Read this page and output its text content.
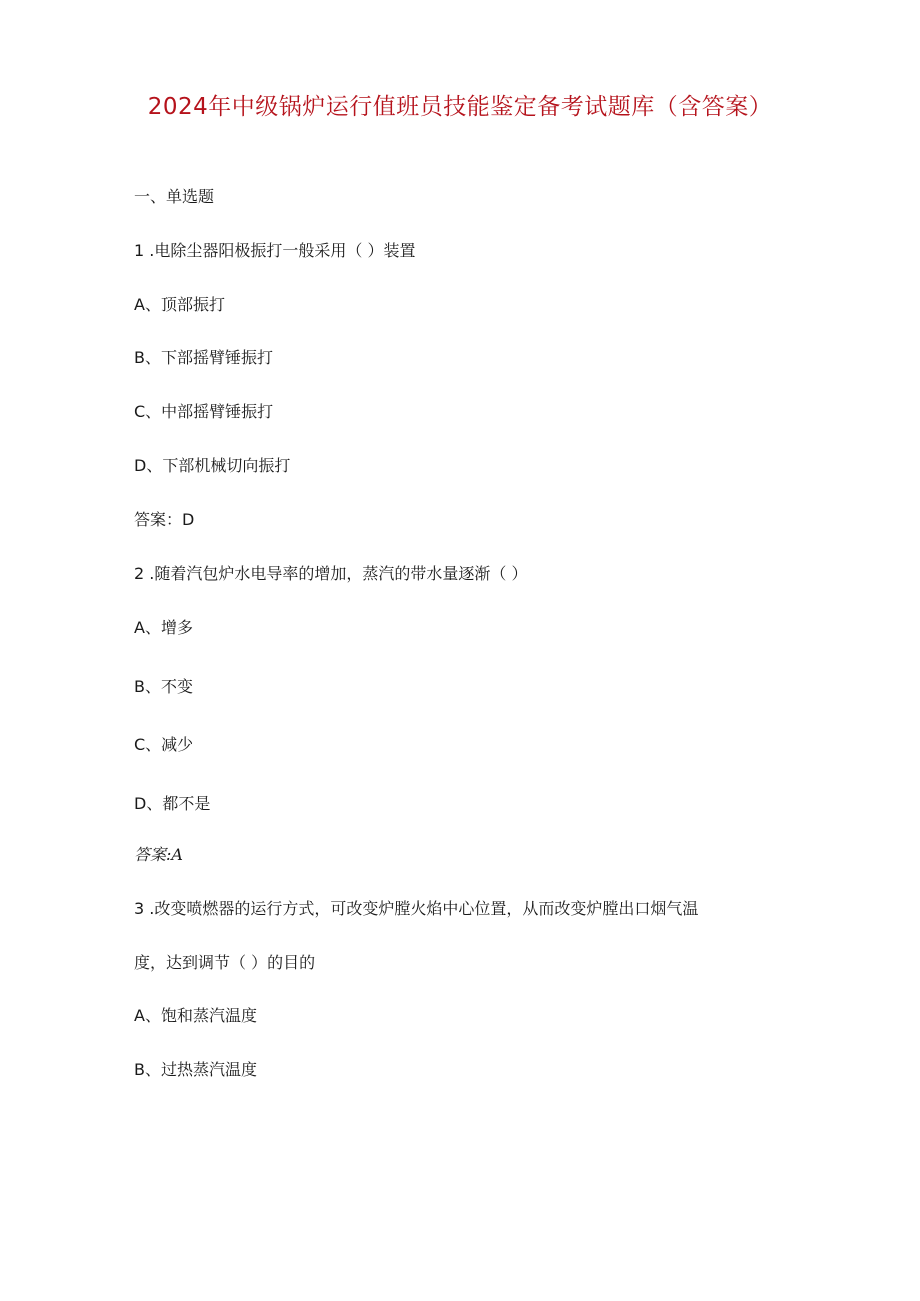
2024年中级锅炉运行值班员技能鉴定备考试题库（含答案）

一、单选题

1 .电除尘器阳极振打一般采用（ ）装置

A、顶部振打

B、下部摇臂锤振打

C、中部摇臂锤振打

D、下部机械切向振打

答案：D

2 .随着汽包炉水电导率的增加，蒸汽的带水量逐渐（ ）

A、增多

B、不变

C、减少

D、都不是

答案:A

3 .改变喷燃器的运行方式，可改变炉膛火焰中心位置，从而改变炉膛出口烟气温

度，达到调节（ ）的目的

A、饱和蒸汽温度

B、过热蒸汽温度
